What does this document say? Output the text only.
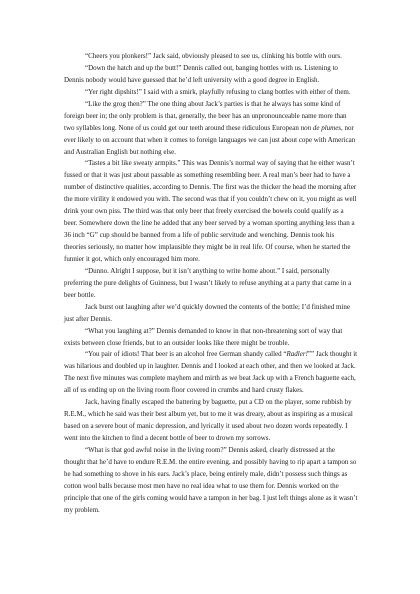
“Cheers you plonkers!” Jack said, obviously pleased to see us, clinking his bottle with ours.

“Down the hatch and up the butt!” Dennis called out, banging bottles with us. Listening to Dennis nobody would have guessed that he’d left university with a good degree in English.

“Yer right dipshits!” I said with a smirk, playfully refusing to clang bottles with either of them.

“Like the grog then?” The one thing about Jack’s parties is that he always has some kind of foreign beer in; the only problem is that, generally, the beer has an unpronounceable name more than two syllables long. None of us could get our teeth around these ridiculous European non de plumes, nor ever likely to on account that when it comes to foreign languages we can just about cope with American and Australian English but nothing else.

“Tastes a bit like sweaty armpits.” This was Dennis’s normal way of saying that he either wasn’t fussed or that it was just about passable as something resembling beer. A real man’s beer had to have a number of distinctive qualities, according to Dennis. The first was the thicker the head the morning after the more virility it endowed you with. The second was that if you couldn’t chew on it, you might as well drink your own piss. The third was that only beer that freely exercised the bowels could qualify as a beer. Somewhere down the line he added that any beer served by a woman sporting anything less than a 36 inch “G” cup should be banned from a life of public servitude and wenching. Dennis took his theories seriously, no matter how implausible they might be in real life. Of course, when he started the funnier it got, which only encouraged him more.

“Dunno. Alright I suppose, but it isn’t anything to write home about.” I said, personally preferring the pure delights of Guinness, but I wasn’t likely to refuse anything at a party that came in a beer bottle.

Jack burst out laughing after we’d quickly downed the contents of the bottle; I’d finished mine just after Dennis.

“What you laughing at?” Dennis demanded to know in that non-threatening sort of way that exists between close friends, but to an outsider looks like there might be trouble.

“You pair of idiots! That beer is an alcohol free German shandy called “Radler!”” Jack thought it was hilarious and doubled up in laughter. Dennis and I looked at each other, and then we looked at Jack. The next five minutes was complete mayhem and mirth as we beat Jack up with a French baguette each, all of us ending up on the living room floor covered in crumbs and hard crusty flakes.

Jack, having finally escaped the battering by baguette, put a CD on the player, some rubbish by R.E.M., which he said was their best album yet, but to me it was dreary, about as inspiring as a musical based on a severe bout of manic depression, and lyrically it used about two dozen words repeatedly. I went into the kitchen to find a decent bottle of beer to drown my sorrows.

“What is that god awful noise in the living room?” Dennis asked, clearly distressed at the thought that he’d have to endure R.E.M. the entire evening, and possibly having to rip apart a tampon so he had something to shove in his ears. Jack’s place, being entirely male, didn’t possess such things as cotton wool balls because most men have no real idea what to use them for. Dennis worked on the principle that one of the girls coming would have a tampon in her bag. I just left things alone as it wasn’t my problem.
